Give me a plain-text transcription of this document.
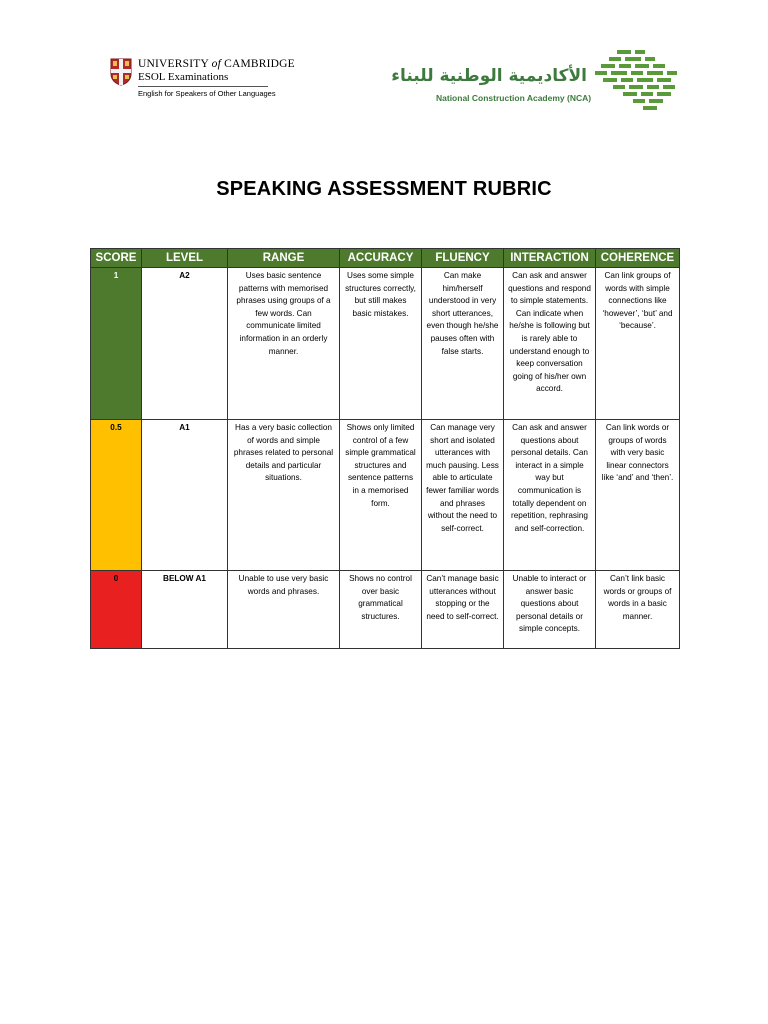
UNIVERSITY of CAMBRIDGE
ESOL Examinations
English for Speakers of Other Languages
الأكاديمية الوطنية للبناء
National Construction Academy (NCA)
SPEAKING ASSESSMENT RUBRIC
SCORE	LEVEL	RANGE	ACCURACY	FLUENCY	INTERACTION	COHERENCE
1	A2	Uses basic sentence patterns with memorised phrases using groups of a few words. Can communicate limited information in an orderly manner.	Uses some simple structures correctly, but still makes basic mistakes.	Can make him/herself understood in very short utterances, even though he/she pauses often with false starts.	Can ask and answer questions and respond to simple statements. Can indicate when he/she is following but is rarely able to understand enough to keep conversation going of his/her own accord.	Can link groups of words with simple connections like ‘however’, ‘but’ and ‘because’.
0.5	A1	Has a very basic collection of words and simple phrases related to personal details and particular situations.	Shows only limited control of a few simple grammatical structures and sentence patterns in a memorised form.	Can manage very short and isolated utterances with much pausing. Less able to articulate fewer familiar words and phrases without the need to self-correct.	Can ask and answer questions about personal details. Can interact in a simple way but communication is totally dependent on repetition, rephrasing and self-correction.	Can link words or groups of words with very basic linear connectors like ‘and’ and ‘then’.
0	BELOW A1	Unable to use very basic words and phrases.	Shows no control over basic grammatical structures.	Can’t manage basic utterances without stopping or the need to self-correct.	Unable to interact or answer basic questions about personal details or simple concepts.	Can’t link basic words or groups of words in a basic manner.
